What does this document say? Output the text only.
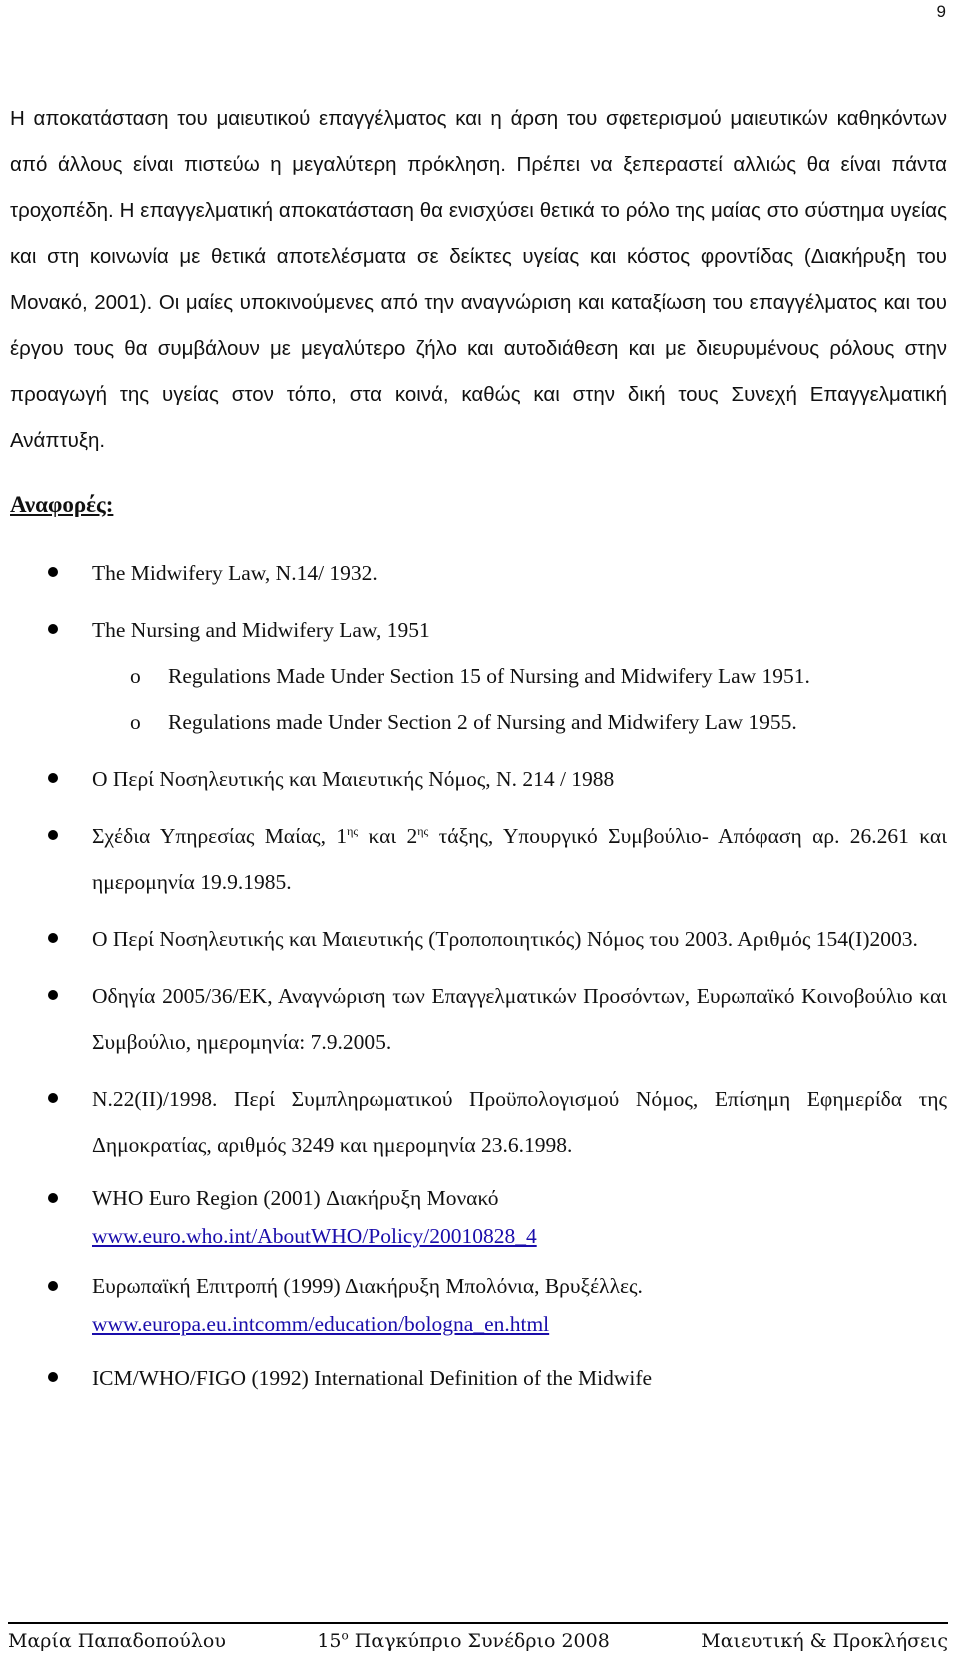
9

Η αποκατάσταση του μαιευτικού επαγγέλματος και η άρση του σφετερισμού μαιευτικών καθηκόντων από άλλους είναι πιστεύω η μεγαλύτερη πρόκληση. Πρέπει να ξεπεραστεί αλλιώς θα είναι πάντα τροχοπέδη. Η επαγγελματική αποκατάσταση θα ενισχύσει θετικά το ρόλο της μαίας στο σύστημα υγείας και στη κοινωνία με θετικά αποτελέσματα σε δείκτες υγείας και κόστος φροντίδας (Διακήρυξη του Μονακό, 2001). Οι μαίες υποκινούμενες από την αναγνώριση και καταξίωση του επαγγέλματος και του έργου τους θα συμβάλουν με μεγαλύτερο ζήλο και αυτοδιάθεση και με διευρυμένους ρόλους στην προαγωγή της υγείας στον τόπο, στα κοινά, καθώς και στην δική τους Συνεχή Επαγγελματική Ανάπτυξη.

Αναφορές:
The Midwifery Law, N.14/ 1932.
The Nursing and Midwifery Law, 1951
o Regulations Made Under Section 15 of Nursing and Midwifery Law 1951.
o Regulations made Under Section 2 of Nursing and Midwifery Law 1955.
Ο Περί Νοσηλευτικής και Μαιευτικής Νόμος, Ν. 214 / 1988
Σχέδια Υπηρεσίας Μαίας, $1^{\eta\varsigma}$ και $2^{\eta\varsigma}$ τάξης, Υπουργικό Συμβούλιο- Απόφαση αρ. 26.261 και ημερομηνία 19.9.1985.
Ο Περί Νοσηλευτικής και Μαιευτικής (Τροποποιητικός) Νόμος του 2003. Αριθμός 154(Ι)2003.
Οδηγία 2005/36/ΕΚ, Αναγνώριση των Επαγγελματικών Προσόντων, Ευρωπαϊκό Κοινοβούλιο και Συμβούλιο, ημερομηνία: 7.9.2005.
Ν.22(ΙΙ)/1998. Περί Συμπληρωματικού Προϋπολογισμού Νόμος, Επίσημη Εφημερίδα της Δημοκρατίας, αριθμός 3249 και ημερομηνία 23.6.1998.
WHO Euro Region (2001) Διακήρυξη Μονακό
www.euro.who.int/AboutWHO/Policy/20010828_4
Ευρωπαϊκή Επιτροπή (1999) Διακήρυξη Μπολόνια, Βρυξέλλες.
www.europa.eu.intcomm/education/bologna_en.html
ICM/WHO/FIGO (1992) International Definition of the Midwife
Μαρία Παπαδοπούλου	$15^o$ Παγκύπριο Συνέδριο 2008	Μαιευτική & Προκλήσεις
